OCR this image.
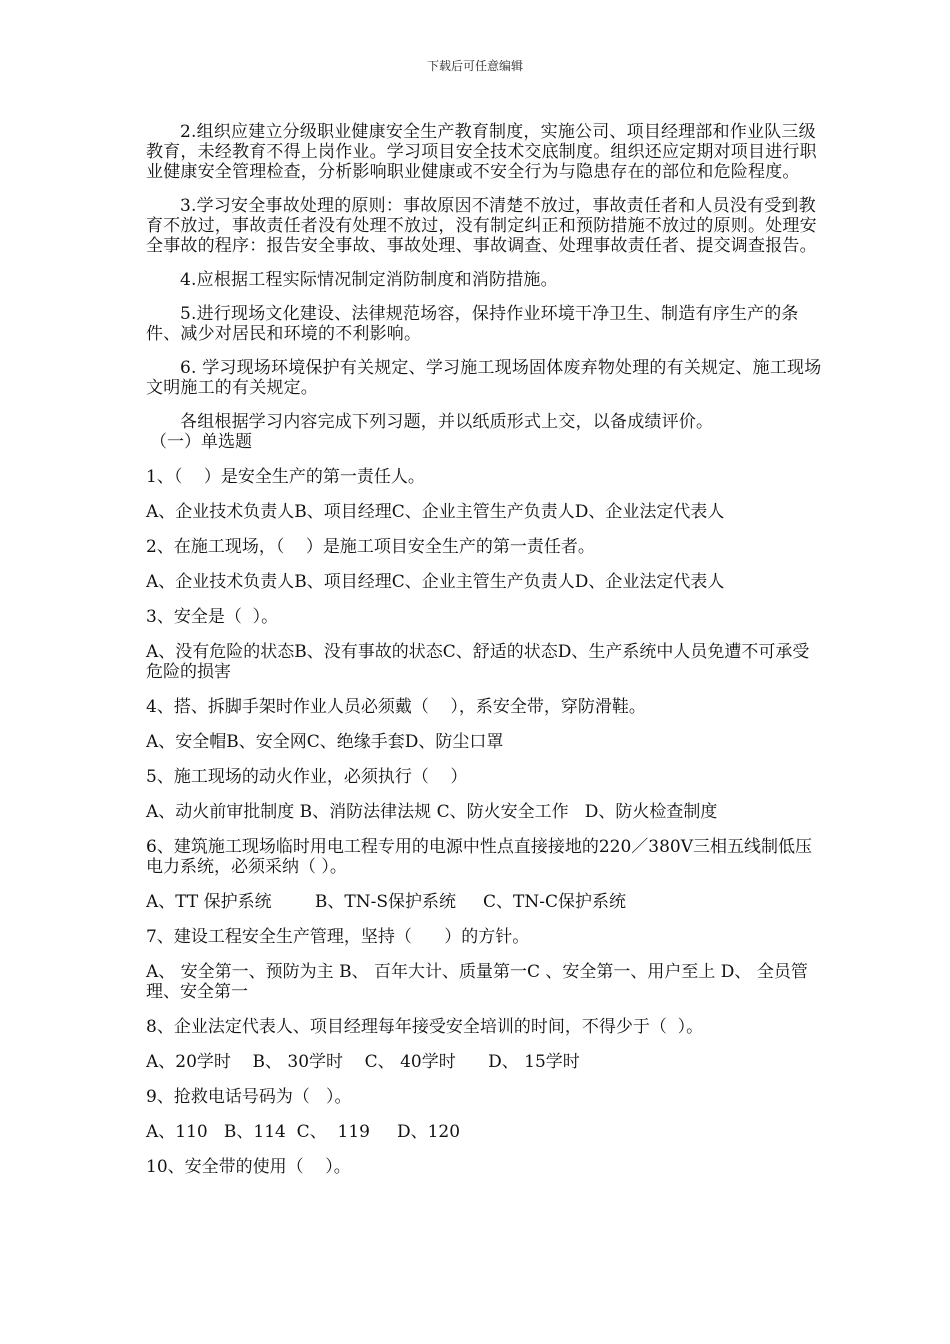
下载后可任意编辑

2.组织应建立分级职业健康安全生产教育制度，实施公司、项目经理部和作业队三级教育，未经教育不得上岗作业。学习项目安全技术交底制度。组织还应定期对项目进行职业健康安全管理检查，分析影响职业健康或不安全行为与隐患存在的部位和危险程度。

3.学习安全事故处理的原则：事故原因不清楚不放过，事故责任者和人员没有受到教育不放过，事故责任者没有处理不放过，没有制定纠正和预防措施不放过的原则。处理安全事故的程序：报告安全事故、事故处理、事故调查、处理事故责任者、提交调查报告。

4.应根据工程实际情况制定消防制度和消防措施。

5.进行现场文化建设、法律规范场容，保持作业环境干净卫生、制造有序生产的条件、减少对居民和环境的不利影响。

6. 学习现场环境保护有关规定、学习施工现场固体废弃物处理的有关规定、施工现场文明施工的有关规定。

各组根据学习内容完成下列习题，并以纸质形式上交，以备成绩评价。

（一）单选题

1、（    ）是安全生产的第一责任人。

A、企业技术负责人B、项目经理C、企业主管生产负责人D、企业法定代表人

2、在施工现场，（    ）是施工项目安全生产的第一责任者。

A、企业技术负责人B、项目经理C、企业主管生产负责人D、企业法定代表人

3、安全是（  ）。

A、没有危险的状态B、没有事故的状态C、舒适的状态D、生产系统中人员免遭不可承受危险的损害

4、搭、拆脚手架时作业人员必须戴（    ），系安全带，穿防滑鞋。

A、安全帽B、安全网C、绝缘手套D、防尘口罩

5、施工现场的动火作业，必须执行（    ）

A、动火前审批制度 B、消防法律法规 C、防火安全工作   D、防火检查制度

6、建筑施工现场临时用电工程专用的电源中性点直接接地的220／380V三相五线制低压电力系统，必须采纳（ ）。

A、TT 保护系统        B、TN-S保护系统     C、TN-C保护系统

7、建设工程安全生产管理，坚持（      ）的方针。

A、 安全第一、预防为主 B、 百年大计、质量第一C 、安全第一、用户至上 D、 全员管理、安全第一

8、企业法定代表人、项目经理每年接受安全培训的时间，不得少于（  ）。

A、20学时    B、 30学时    C、 40学时      D、 15学时

9、抢救电话号码为（   ）。

A、110   B、114  C、  119     D、120

10、安全带的使用（    ）。
